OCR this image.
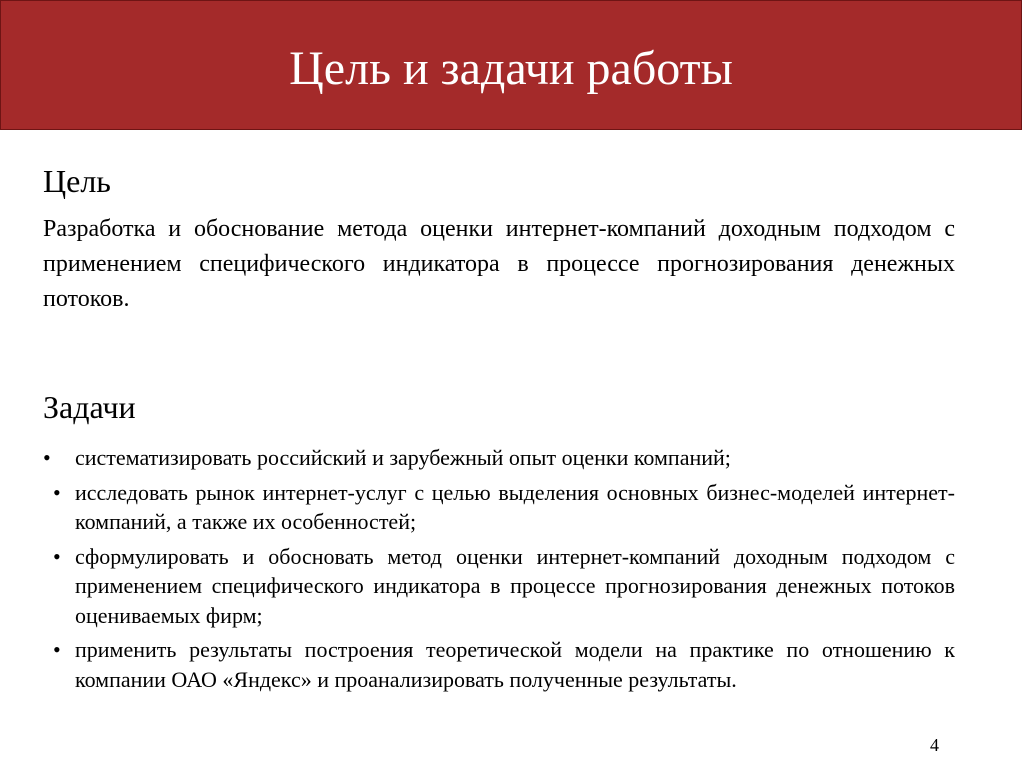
Цель и задачи работы
Цель
Разработка и обоснование метода оценки интернет-компаний доходным подходом с применением специфического индикатора в процессе прогнозирования денежных потоков.
Задачи
• систематизировать российский и зарубежный опыт оценки компаний;
• исследовать рынок интернет-услуг с целью выделения основных бизнес-моделей интернет-компаний, а также их особенностей;
• сформулировать и обосновать метод оценки интернет-компаний доходным подходом с применением специфического индикатора в процессе прогнозирования денежных потоков оцениваемых фирм;
• применить результаты построения теоретической модели на практике по отношению к компании ОАО «Яндекс» и проанализировать полученные результаты.
4
